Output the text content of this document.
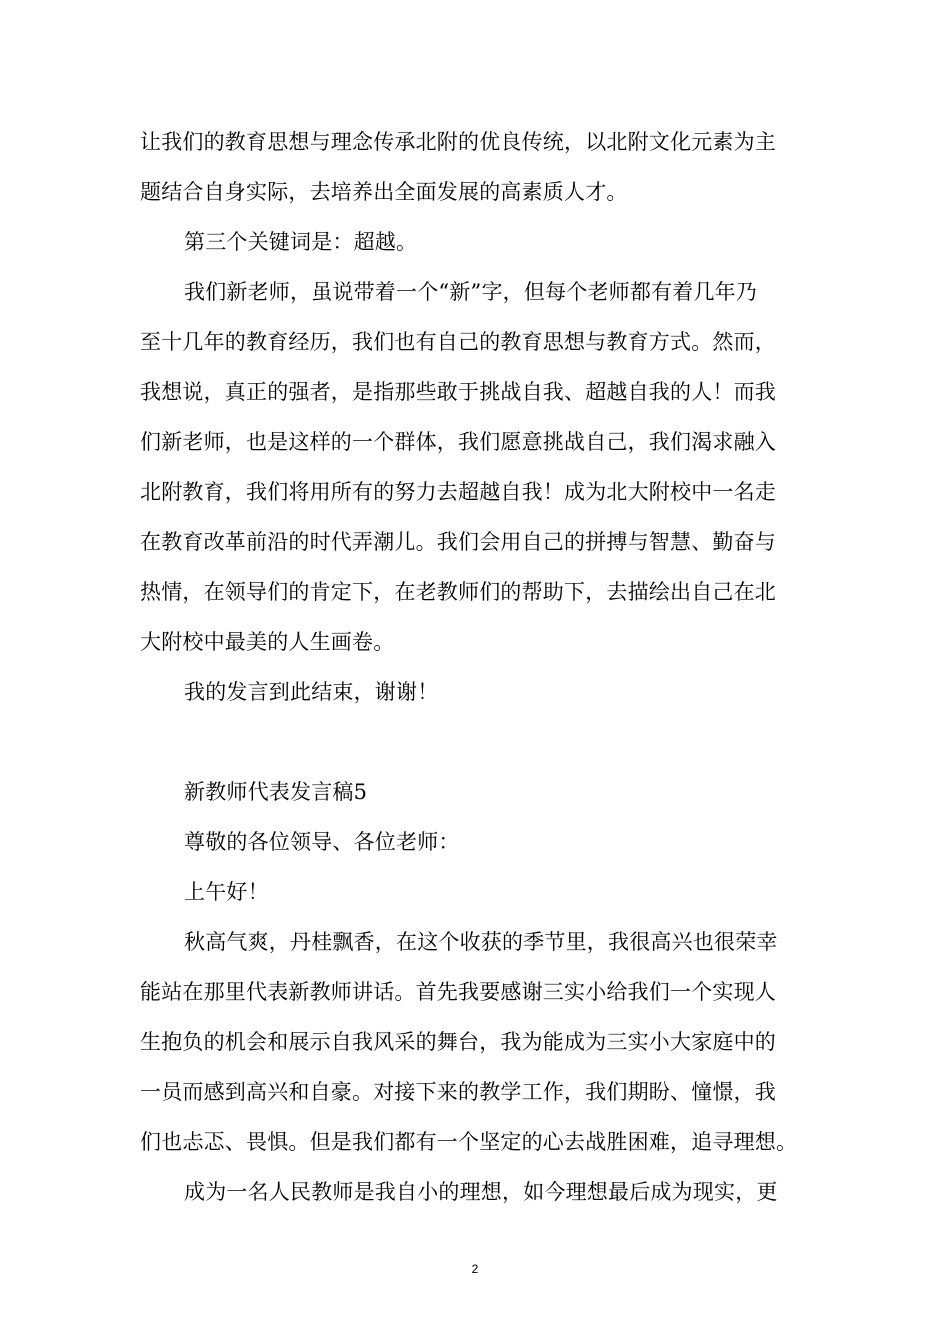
让我们的教育思想与理念传承北附的优良传统，以北附文化元素为主
题结合自身实际，去培养出全面发展的高素质人才。
第三个关键词是：超越。
我们新老师，虽说带着一个“新”字，但每个老师都有着几年乃
至十几年的教育经历，我们也有自己的教育思想与教育方式。然而，
我想说，真正的强者，是指那些敢于挑战自我、超越自我的人！而我
们新老师，也是这样的一个群体，我们愿意挑战自己，我们渴求融入
北附教育，我们将用所有的努力去超越自我！成为北大附校中一名走
在教育改革前沿的时代弄潮儿。我们会用自己的拼搏与智慧、勤奋与
热情，在领导们的肯定下，在老教师们的帮助下，去描绘出自己在北
大附校中最美的人生画卷。
我的发言到此结束，谢谢！
新教师代表发言稿5
尊敬的各位领导、各位老师：
上午好！
秋高气爽，丹桂飘香，在这个收获的季节里，我很高兴也很荣幸
能站在那里代表新教师讲话。首先我要感谢三实小给我们一个实现人
生抱负的机会和展示自我风采的舞台，我为能成为三实小大家庭中的
一员而感到高兴和自豪。对接下来的教学工作，我们期盼、憧憬，我
们也忐忑、畏惧。但是我们都有一个坚定的心去战胜困难，追寻理想。
成为一名人民教师是我自小的理想，如今理想最后成为现实，更
2
